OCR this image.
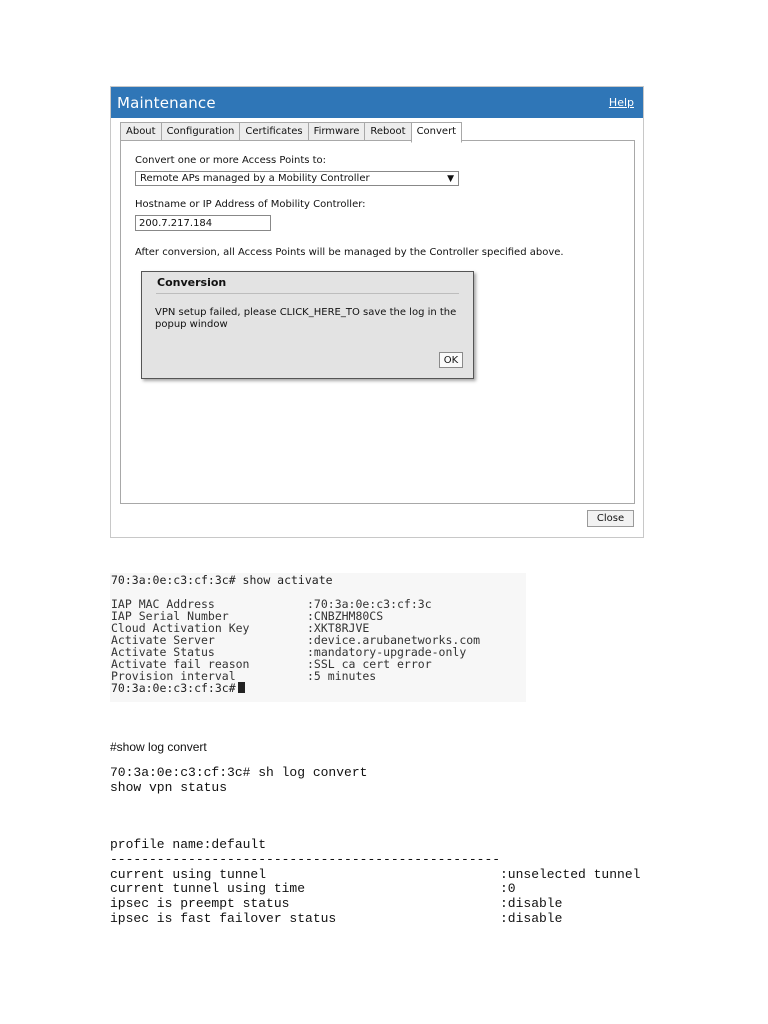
Maintenance	Help
About	Configuration	Certificates	Firmware	Reboot	Convert
Convert one or more Access Points to:
Remote APs managed by a Mobility Controller	▼
Hostname or IP Address of Mobility Controller:
200.7.217.184
After conversion, all Access Points will be managed by the Controller specified above.
Conversion
VPN setup failed, please CLICK_HERE_TO save the log in the popup window
OK
Close
70:3a:0e:c3:cf:3c# show activate
IAP MAC Address	:70:3a:0e:c3:cf:3c
IAP Serial Number	:CNBZHM80CS
Cloud Activation Key	:XKT8RJVE
Activate Server	:device.arubanetworks.com
Activate Status	:mandatory-upgrade-only
Activate fail reason	:SSL ca cert error
Provision interval	:5 minutes
70:3a:0e:c3:cf:3c#
#show log convert
70:3a:0e:c3:cf:3c# sh log convert
show vpn status
profile name:default
--------------------------------------------------
current using tunnel	:unselected tunnel
current tunnel using time	:0
ipsec is preempt status	:disable
ipsec is fast failover status	:disable
